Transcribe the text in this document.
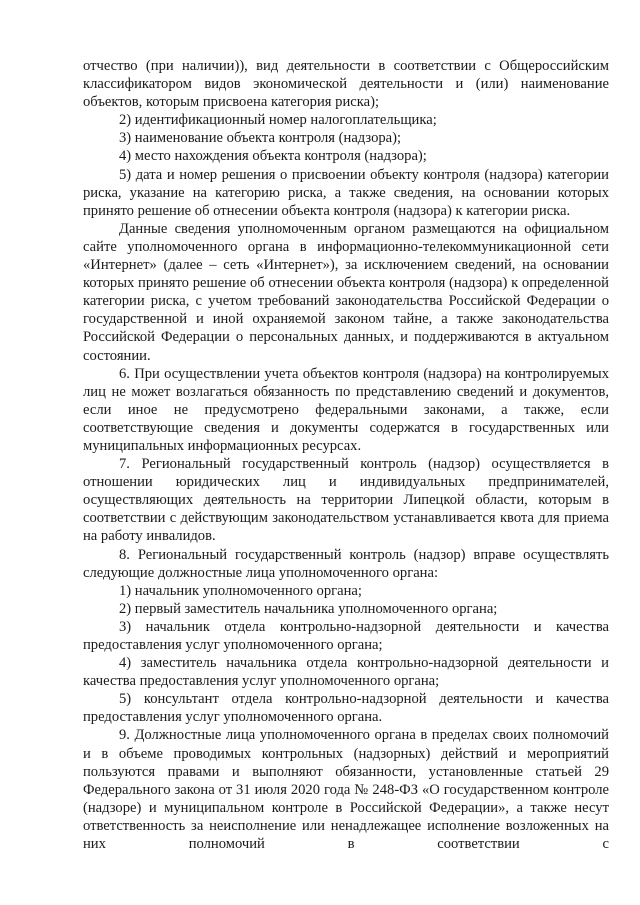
отчество (при наличии)), вид деятельности в соответствии с Общероссийским классификатором видов экономической деятельности и (или) наименование объектов, которым присвоена категория риска);

2) идентификационный номер налогоплательщика;

3) наименование объекта контроля (надзора);

4) место нахождения объекта контроля (надзора);

5) дата и номер решения о присвоении объекту контроля (надзора) категории риска, указание на категорию риска, а также сведения, на основании которых принято решение об отнесении объекта контроля (надзора) к категории риска.

Данные сведения уполномоченным органом размещаются на официальном сайте уполномоченного органа в информационно-телекоммуникационной сети «Интернет» (далее – сеть «Интернет»), за исключением сведений, на основании которых принято решение об отнесении объекта контроля (надзора) к определенной категории риска, с учетом требований законодательства Российской Федерации о государственной и иной охраняемой законом тайне, а также законодательства Российской Федерации о персональных данных, и поддерживаются в актуальном состоянии.

6. При осуществлении учета объектов контроля (надзора) на контролируемых лиц не может возлагаться обязанность по представлению сведений и документов, если иное не предусмотрено федеральными законами, а также, если соответствующие сведения и документы содержатся в государственных или муниципальных информационных ресурсах.

7. Региональный государственный контроль (надзор) осуществляется в отношении юридических лиц и индивидуальных предпринимателей, осуществляющих деятельность на территории Липецкой области, которым в соответствии с действующим законодательством устанавливается квота для приема на работу инвалидов.

8. Региональный государственный контроль (надзор) вправе осуществлять следующие должностные лица уполномоченного органа:

1) начальник уполномоченного органа;

2) первый заместитель начальника уполномоченного органа;

3) начальник отдела контрольно-надзорной деятельности и качества предоставления услуг уполномоченного органа;

4) заместитель начальника отдела контрольно-надзорной деятельности и качества предоставления услуг уполномоченного органа;

5) консультант отдела контрольно-надзорной деятельности и качества предоставления услуг уполномоченного органа.

9. Должностные лица уполномоченного органа в пределах своих полномочий и в объеме проводимых контрольных (надзорных) действий и мероприятий пользуются правами и выполняют обязанности, установленные статьей 29 Федерального закона от 31 июля 2020 года № 248-ФЗ «О государственном контроле (надзоре) и муниципальном контроле в Российской Федерации», а также несут ответственность за неисполнение или ненадлежащее исполнение возложенных на них полномочий в соответствии с
